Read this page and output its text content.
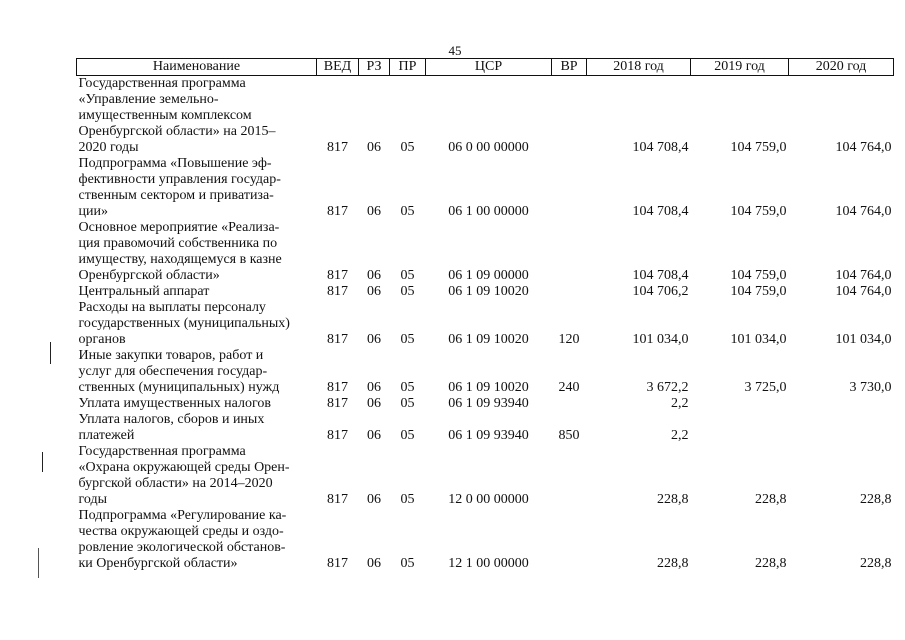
45
Наименование	ВЕД	РЗ	ПР	ЦСР	ВР	2018 год	2019 год	2020 год

Государственная программа
«Управление земельно-
имущественным комплексом
Оренбургской области» на 2015–
2020 годы	817	06	05	06 0 00 00000		104 708,4	104 759,0	104 764,0

Подпрограмма «Повышение эф-
фективности управления государ-
ственным сектором и приватиза-
ции»	817	06	05	06 1 00 00000		104 708,4	104 759,0	104 764,0

Основное мероприятие «Реализа-
ция правомочий собственника по
имуществу, находящемуся в казне
Оренбургской области»	817	06	05	06 1 09 00000		104 708,4	104 759,0	104 764,0

Центральный аппарат	817	06	05	06 1 09 10020		104 706,2	104 759,0	104 764,0

Расходы на выплаты персоналу
государственных (муниципальных)
органов	817	06	05	06 1 09 10020	120	101 034,0	101 034,0	101 034,0

Иные закупки товаров, работ и
услуг для обеспечения государ-
ственных (муниципальных) нужд	817	06	05	06 1 09 10020	240	3 672,2	3 725,0	3 730,0

Уплата имущественных налогов	817	06	05	06 1 09 93940		2,2		

Уплата налогов, сборов и иных
платежей	817	06	05	06 1 09 93940	850	2,2		

Государственная программа
«Охрана окружающей среды Орен-
бургской области» на 2014–2020
годы	817	06	05	12 0 00 00000		228,8	228,8	228,8

Подпрограмма «Регулирование ка-
чества окружающей среды и оздо-
ровление экологической обстанов-
ки Оренбургской области»	817	06	05	12 1 00 00000		228,8	228,8	228,8
